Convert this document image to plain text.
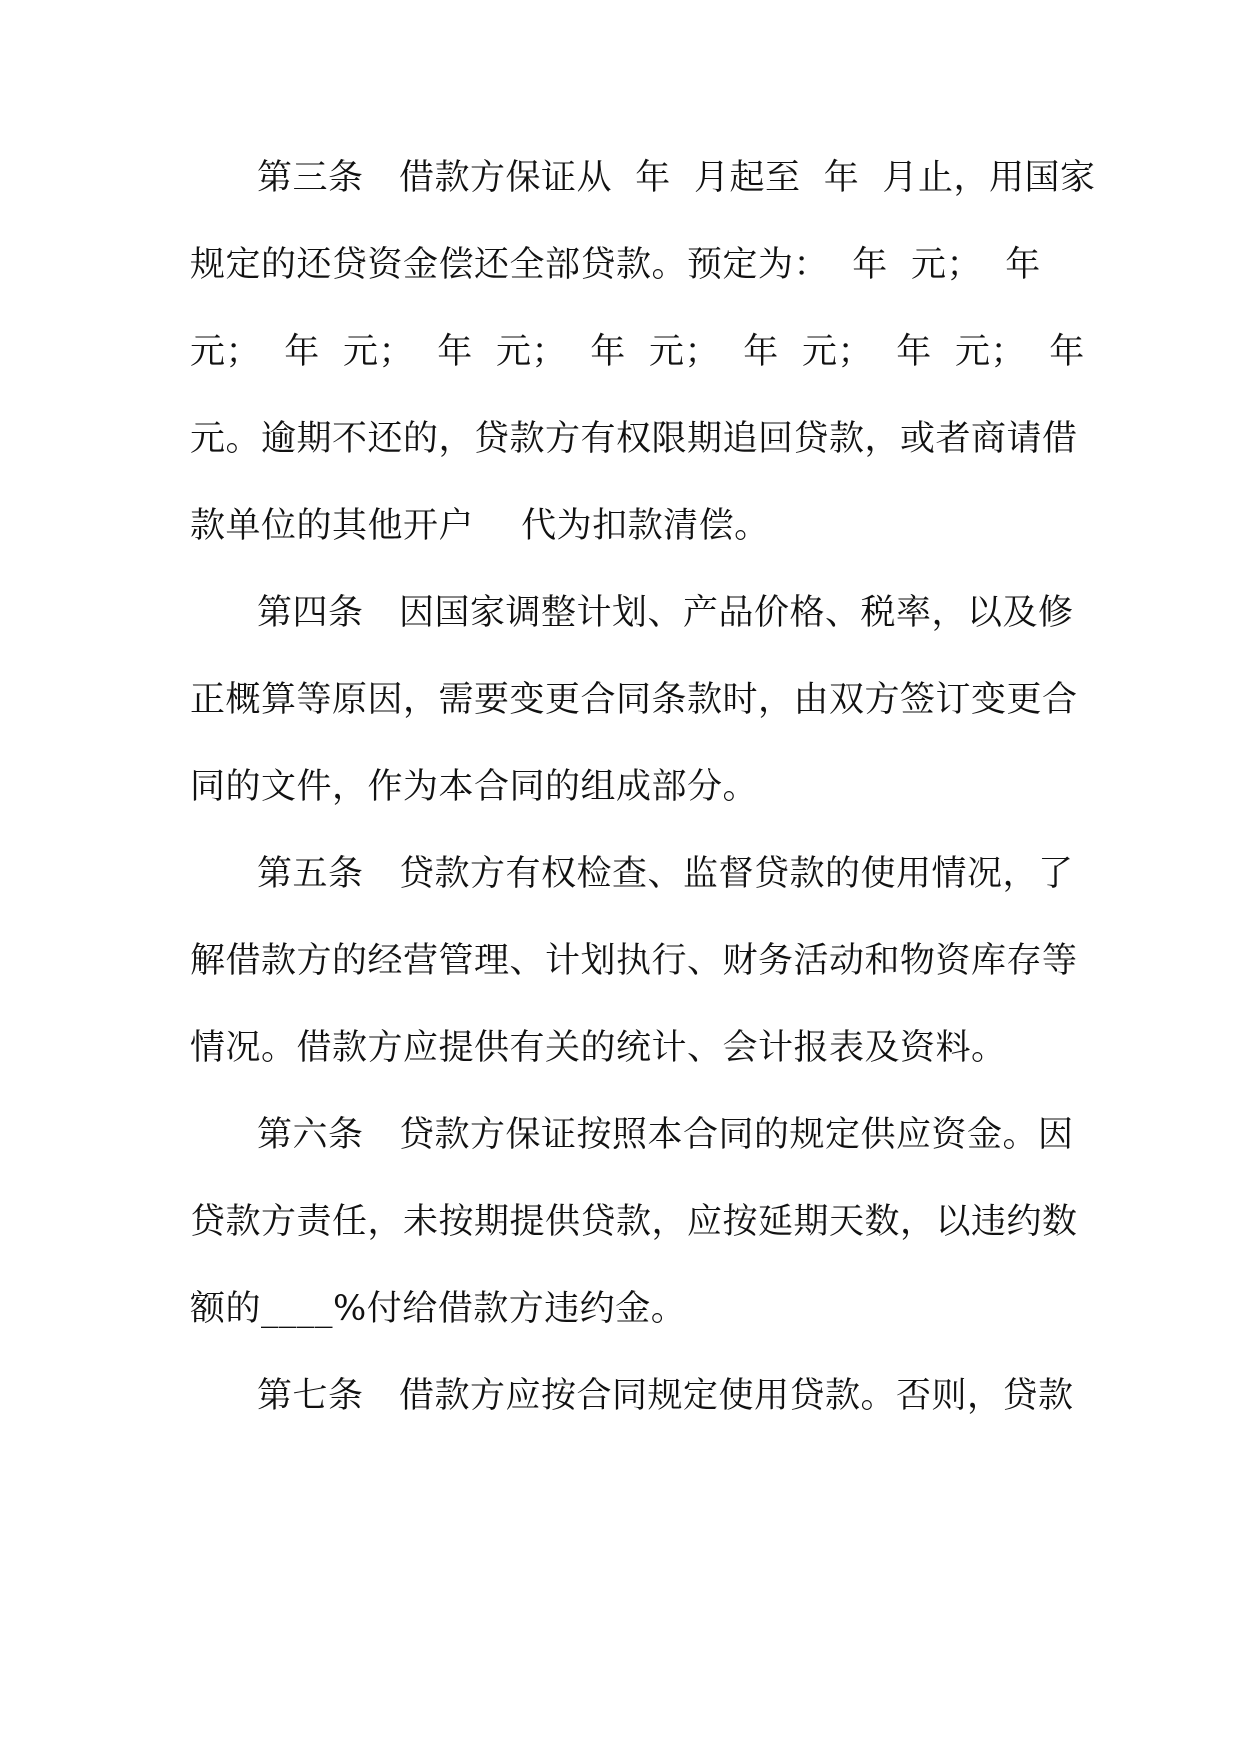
第三条　借款方保证从  年  月起至  年  月止，用国家
规定的还贷资金偿还全部贷款。预定为：  年  元；  年
元；  年  元；  年  元；  年  元；  年  元；  年  元；  年
元。逾期不还的，贷款方有权限期追回贷款，或者商请借
款单位的其他开户　 代为扣款清偿。
第四条　因国家调整计划、产品价格、税率，以及修
正概算等原因，需要变更合同条款时，由双方签订变更合
同的文件，作为本合同的组成部分。
第五条　贷款方有权检查、监督贷款的使用情况，了
解借款方的经营管理、计划执行、财务活动和物资库存等
情况。借款方应提供有关的统计、会计报表及资料。
第六条　贷款方保证按照本合同的规定供应资金。因
贷款方责任，未按期提供贷款，应按延期天数，以违约数
额的____%付给借款方违约金。
第七条　借款方应按合同规定使用贷款。否则，贷款
